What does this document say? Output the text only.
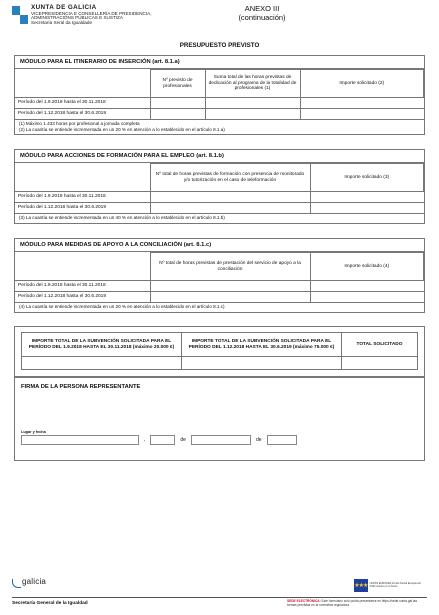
XUNTA DE GALICIA
VICEPRESIDENCIA E CONSELLERÍA DE PRESIDENCIA,
ADMINISTRACIÓNS PÚBLICAS E XUSTIZA
Secretaría Xeral da Igualdade
ANEXO III
(continuación)
PRESUPUESTO PREVISTO
MÓDULO PARA EL ITINERARIO DE INSERCIÓN (art. 8.1.a)
	Nº previsto de profesionales	Suma total de las horas previstas de dedicación al programa de la totalidad de profesionales (1)	Importe solicitado (2)
Período del 1.9.2018 hasta el 30.11.2018			
Período del 1.12.2018 hasta el 30.6.2019			
(1) Máximo 1.433 horas por profesional a jornada completa
(2) La cuantía se entiende incrementada en un 20 % en atención a lo establecido en el artículo 8.1.a)
MÓDULO PARA ACCIONES DE FORMACIÓN PARA EL EMPLEO (art. 8.1.b)
	Nº total de horas previstas de formación con presencia de monitorado y/o tutorización en el caso de teleformación	Importe solicitado (3)
Período del 1.9.2018 hasta el 30.11.2018		
Período del 1.12.2018 hasta el 30.6.2019		
(3) La cuantía se entiende incrementada en un 40 % en atención a lo establecido en el artículo 8.1.b)
MÓDULO PARA MEDIDAS DE APOYO A LA CONCILIACIÓN (art. 8.1.c)
	Nº total de horas previstas de prestación del servicio de apoyo a la conciliación	Importe solicitado (4)
Período del 1.9.2018 hasta el 30.11.2018		
Período del 1.12.2018 hasta el 30.6.2019		
(4) La cuantía se entiende incrementada en un 20 % en atención a lo establecido en el artículo 8.1.c)
IMPORTE TOTAL DE LA SUBVENCIÓN SOLICITADA PARA EL PERÍODO DEL 1.9.2018 HASTA EL 30.11.2018 (máximo 20.000 €)	IMPORTE TOTAL DE LA SUBVENCIÓN SOLICITADA PARA EL PERÍODO DEL 1.12.2018 HASTA EL 30.6.2019 (máximo 75.000 €)	TOTAL SOLICITADO

FIRMA DE LA PERSONA REPRESENTANTE
Lugar y fecha
,	de	de
galicia	★★★ UNIÓN EUROPEA Fondo Social Europeo El FSE invierte en tu futuro
Secretaría General de la Igualdad	SEDE ELECTRÓNICA: Este formulario solo podrá presentarse en https://sede.xunta.gal las formas previstas en la normativa reguladora
